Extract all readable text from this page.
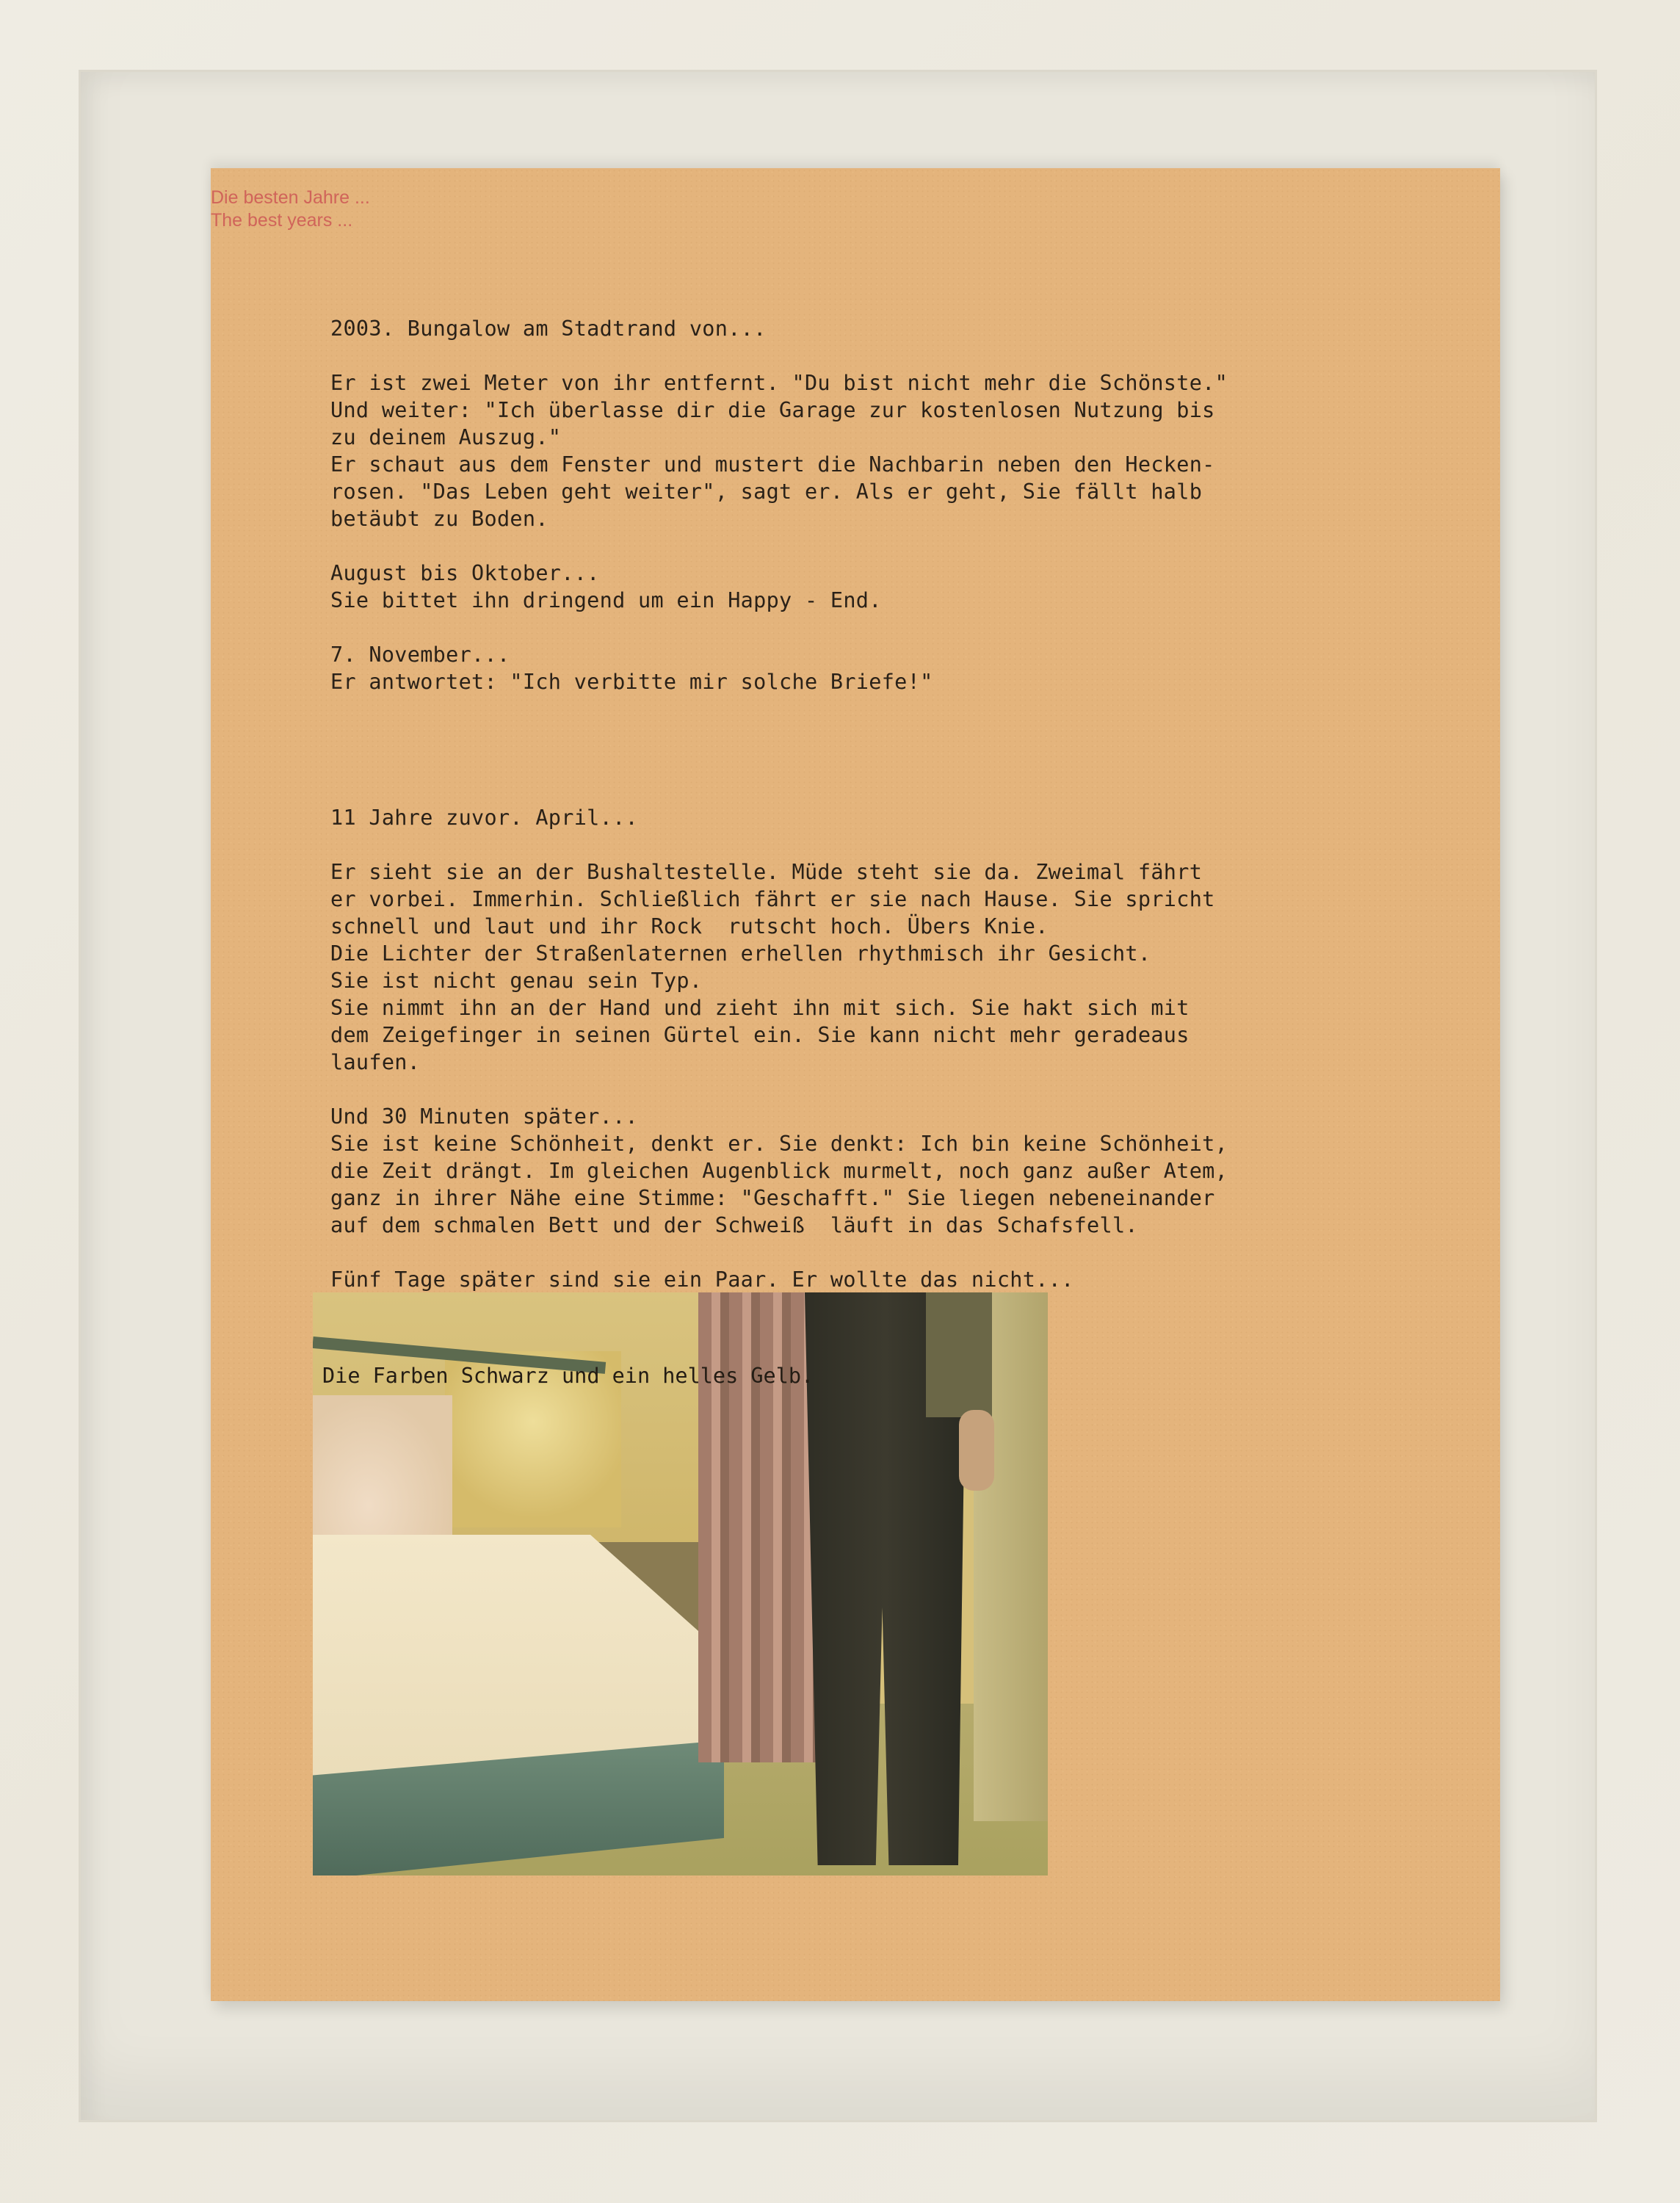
Die besten Jahre ...
The best years ...

2003. Bungalow am Stadtrand von...

Er ist zwei Meter von ihr entfernt. "Du bist nicht mehr die Schönste."

Und weiter: "Ich überlasse dir die Garage zur kostenlosen Nutzung bis

zu deinem Auszug."

Er schaut aus dem Fenster und mustert die Nachbarin neben den Hecken-

rosen. "Das Leben geht weiter", sagt er. Als er geht, Sie fällt halb

betäubt zu Boden.

August bis Oktober...

Sie bittet ihn dringend um ein Happy - End.

7. November...

Er antwortet: "Ich verbitte mir solche Briefe!"

11 Jahre zuvor. April...

Er sieht sie an der Bushaltestelle. Müde steht sie da. Zweimal fährt

er vorbei. Immerhin. Schließlich fährt er sie nach Hause. Sie spricht

schnell und laut und ihr Rock  rutscht hoch. Übers Knie.

Die Lichter der Straßenlaternen erhellen rhythmisch ihr Gesicht.

Sie ist nicht genau sein Typ.

Sie nimmt ihn an der Hand und zieht ihn mit sich. Sie hakt sich mit

dem Zeigefinger in seinen Gürtel ein. Sie kann nicht mehr geradeaus

laufen.

Und 30 Minuten später...

Sie ist keine Schönheit, denkt er. Sie denkt: Ich bin keine Schönheit,

die Zeit drängt. Im gleichen Augenblick murmelt, noch ganz außer Atem,

ganz in ihrer Nähe eine Stimme: "Geschafft." Sie liegen nebeneinander

auf dem schmalen Bett und der Schweiß  läuft in das Schafsfell.

Fünf Tage später sind sie ein Paar. Er wollte das nicht...

Die Farben Schwarz und ein helles Gelb.
